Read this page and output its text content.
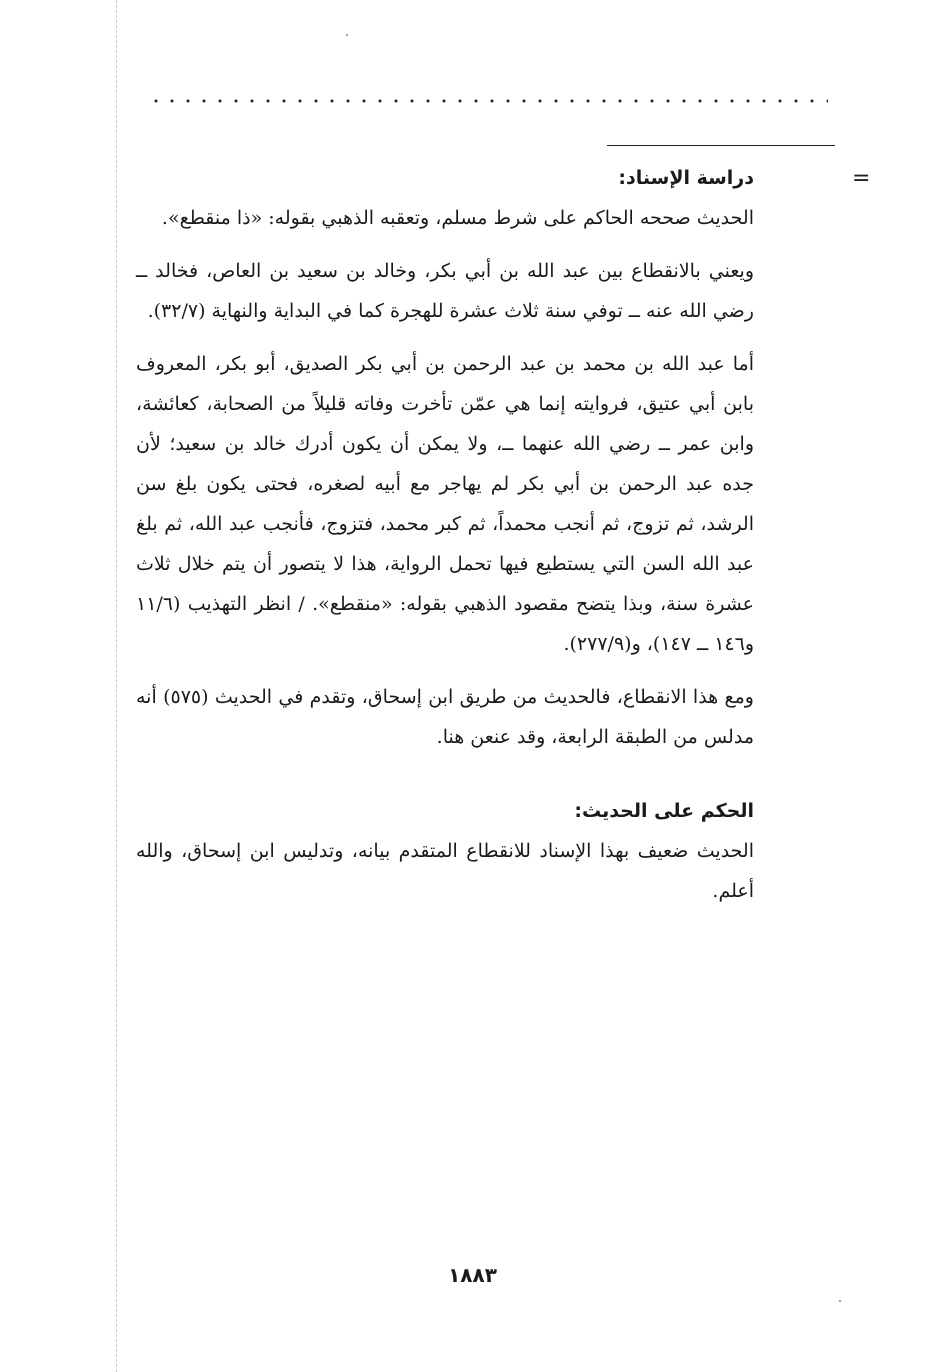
=
دراسة الإسناد:

الحديث صححه الحاكم على شرط مسلم، وتعقبه الذهبي بقوله: «ذا منقطع».

ويعني بالانقطاع بين عبد الله بن أبي بكر، وخالد بن سعيد بن العاص، فخالد ــ رضي الله عنه ــ توفي سنة ثلاث عشرة للهجرة كما في البداية والنهاية (٣٢/٧).

أما عبد الله بن محمد بن عبد الرحمن بن أبي بكر الصديق، أبو بكر، المعروف بابن أبي عتيق، فروايته إنما هي عمّن تأخرت وفاته قليلاً من الصحابة، كعائشة، وابن عمر ــ رضي الله عنهما ــ، ولا يمكن أن يكون أدرك خالد بن سعيد؛ لأن جده عبد الرحمن بن أبي بكر لم يهاجر مع أبيه لصغره، فحتى يكون بلغ سن الرشد، ثم تزوج، ثم أنجب محمداً، ثم كبر محمد، فتزوج، فأنجب عبد الله، ثم بلغ عبد الله السن التي يستطيع فيها تحمل الرواية، هذا لا يتصور أن يتم خلال ثلاث عشرة سنة، وبذا يتضح مقصود الذهبي بقوله: «منقطع». / انظر التهذيب (١١/٦ و١٤٦ ــ ١٤٧)، و(٢٧٧/٩).

ومع هذا الانقطاع، فالحديث من طريق ابن إسحاق، وتقدم في الحديث (٥٧٥) أنه مدلس من الطبقة الرابعة، وقد عنعن هنا.

الحكم على الحديث:

الحديث ضعيف بهذا الإسناد للانقطاع المتقدم بيانه، وتدليس ابن إسحاق، والله أعلم.

١٨٨٣
